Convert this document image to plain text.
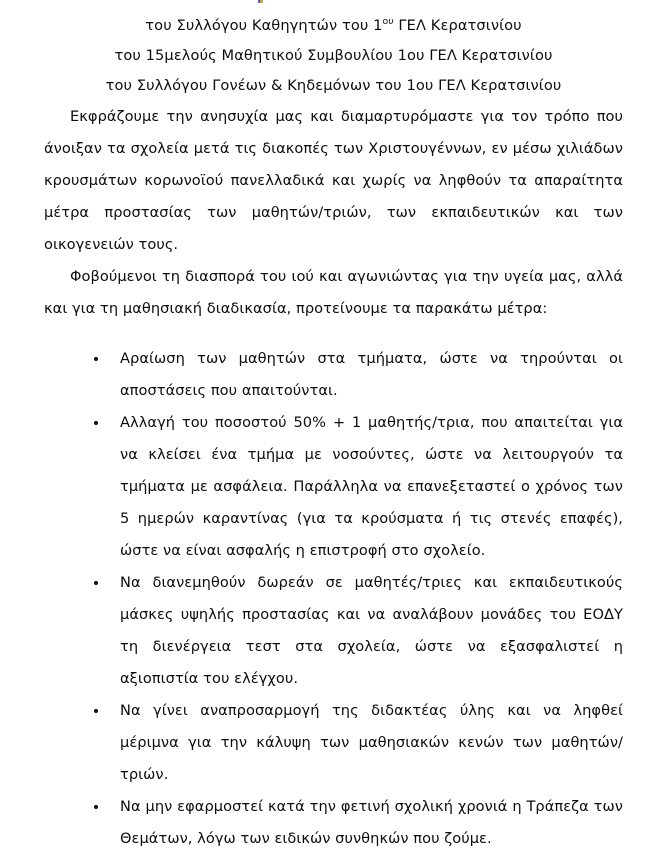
του Συλλόγου Καθηγητών του $1^{o\upsilon}$ ΓΕΛ Κερατσινίου
του 15μελούς Μαθητικού Συμβουλίου 1ου ΓΕΛ Κερατσινίου
του Συλλόγου Γονέων & Κηδεμόνων του 1ου ΓΕΛ Κερατσινίου

Εκφράζουμε την ανησυχία μας και διαμαρτυρόμαστε για τον τρόπο που άνοιξαν τα σχολεία μετά τις διακοπές των Χριστουγέννων, εν μέσω χιλιάδων κρουσμάτων κορωνοϊού πανελλαδικά και χωρίς να ληφθούν τα απαραίτητα μέτρα προστασίας των μαθητών/τριών, των εκπαιδευτικών και των οικογενειών τους.

Φοβούμενοι τη διασπορά του ιού και αγωνιώντας για την υγεία μας, αλλά και για τη μαθησιακή διαδικασία, προτείνουμε τα παρακάτω μέτρα:

Αραίωση των μαθητών στα τμήματα, ώστε να τηρούνται οι αποστάσεις που απαιτούνται.
Αλλαγή του ποσοστού 50% + 1 μαθητής/τρια, που απαιτείται για να κλείσει ένα τμήμα με νοσούντες, ώστε να λειτουργούν τα τμήματα με ασφάλεια. Παράλληλα να επανεξεταστεί ο χρόνος των 5 ημερών καραντίνας (για τα κρούσματα ή τις στενές επαφές), ώστε να είναι ασφαλής η επιστροφή στο σχολείο.
Να διανεμηθούν δωρεάν σε μαθητές/τριες και εκπαιδευτικούς μάσκες υψηλής προστασίας και να αναλάβουν μονάδες του ΕΟΔΥ τη διενέργεια τεστ στα σχολεία, ώστε να εξασφαλιστεί η αξιοπιστία του ελέγχου.
Να γίνει αναπροσαρμογή της διδακτέας ύλης και να ληφθεί μέριμνα για την κάλυψη των μαθησιακών κενών των μαθητών/τριών.
Να μην εφαρμοστεί κατά την φετινή σχολική χρονιά η Τράπεζα των Θεμάτων, λόγω των ειδικών συνθηκών που ζούμε.
